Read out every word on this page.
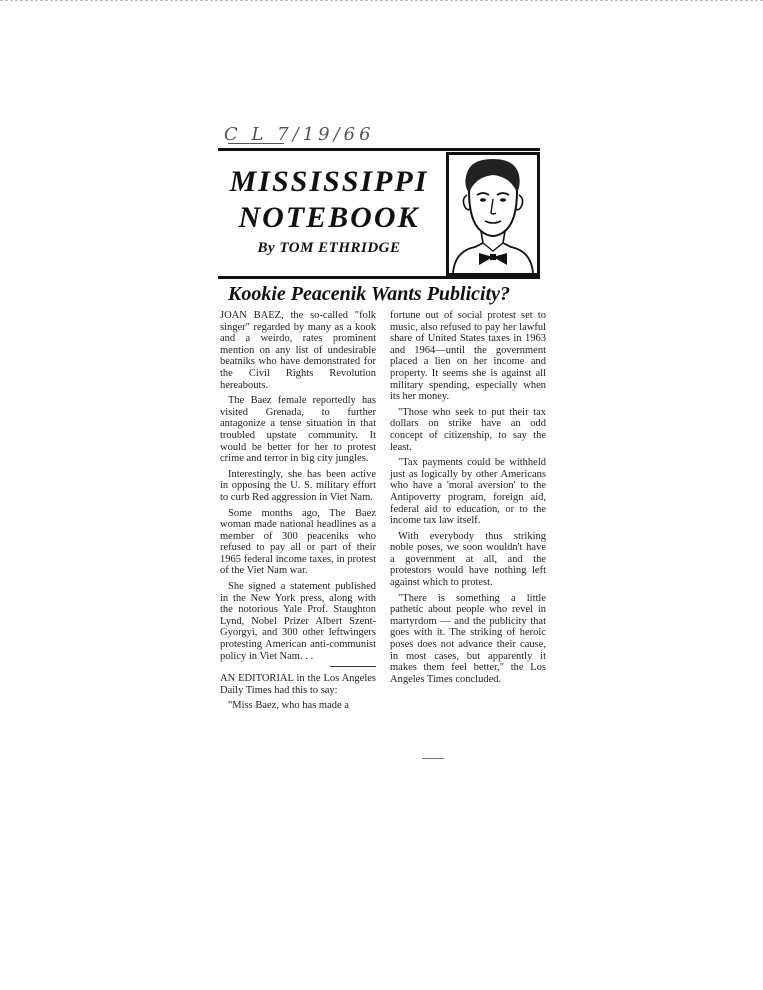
C L 7/19/66
MISSISSIPPI
NOTEBOOK
By TOM ETHRIDGE
Kookie Peacenik Wants Publicity?

JOAN BAEZ, the so-called "folk singer" regarded by many as a kook and a weirdo, rates prominent mention on any list of undesirable beatniks who have demonstrated for the Civil Rights Revolution hereabouts.

The Baez female reportedly has visited Grenada, to further antagonize a tense situation in that troubled upstate community. It would be better for her to protest crime and terror in big city jungles.

Interestingly, she has been active in opposing the U. S. military effort to curb Red aggression in Viet Nam.

Some months ago, The Baez woman made national headlines as a member of 300 peaceniks who refused to pay all or part of their 1965 federal income taxes, in protest of the Viet Nam war.

She signed a statement published in the New York press, along with the notorious Yale Prof. Staughton Lynd, Nobel Prizer Albert Szent-Gyorgyi, and 300 other leftwingers protesting American anti-communist policy in Viet Nam. . .

AN EDITORIAL in the Los Angeles Daily Times had this to say:

"Miss Baez, who has made a

fortune out of social protest set to music, also refused to pay her lawful share of United States taxes in 1963 and 1964—until the government placed a lien on her income and property. It seems she is against all military spending, especially when its her money.

"Those who seek to put their tax dollars on strike have an odd concept of citizenship, to say the least.

"Tax payments could be withheld just as logically by other Americans who have a 'moral aversion' to the Antipoverty program, foreign aid, federal aid to education, or to the income tax law itself.

With everybody thus striking noble poses, we soon wouldn't have a government at all, and the protestors would have nothing left against which to protest.

"There is something a little pathetic about people who revel in martyrdom — and the publicity that goes with it. The striking of heroic poses does not advance their cause, in most cases, but apparently it makes them feel better," the Los Angeles Times concluded.
